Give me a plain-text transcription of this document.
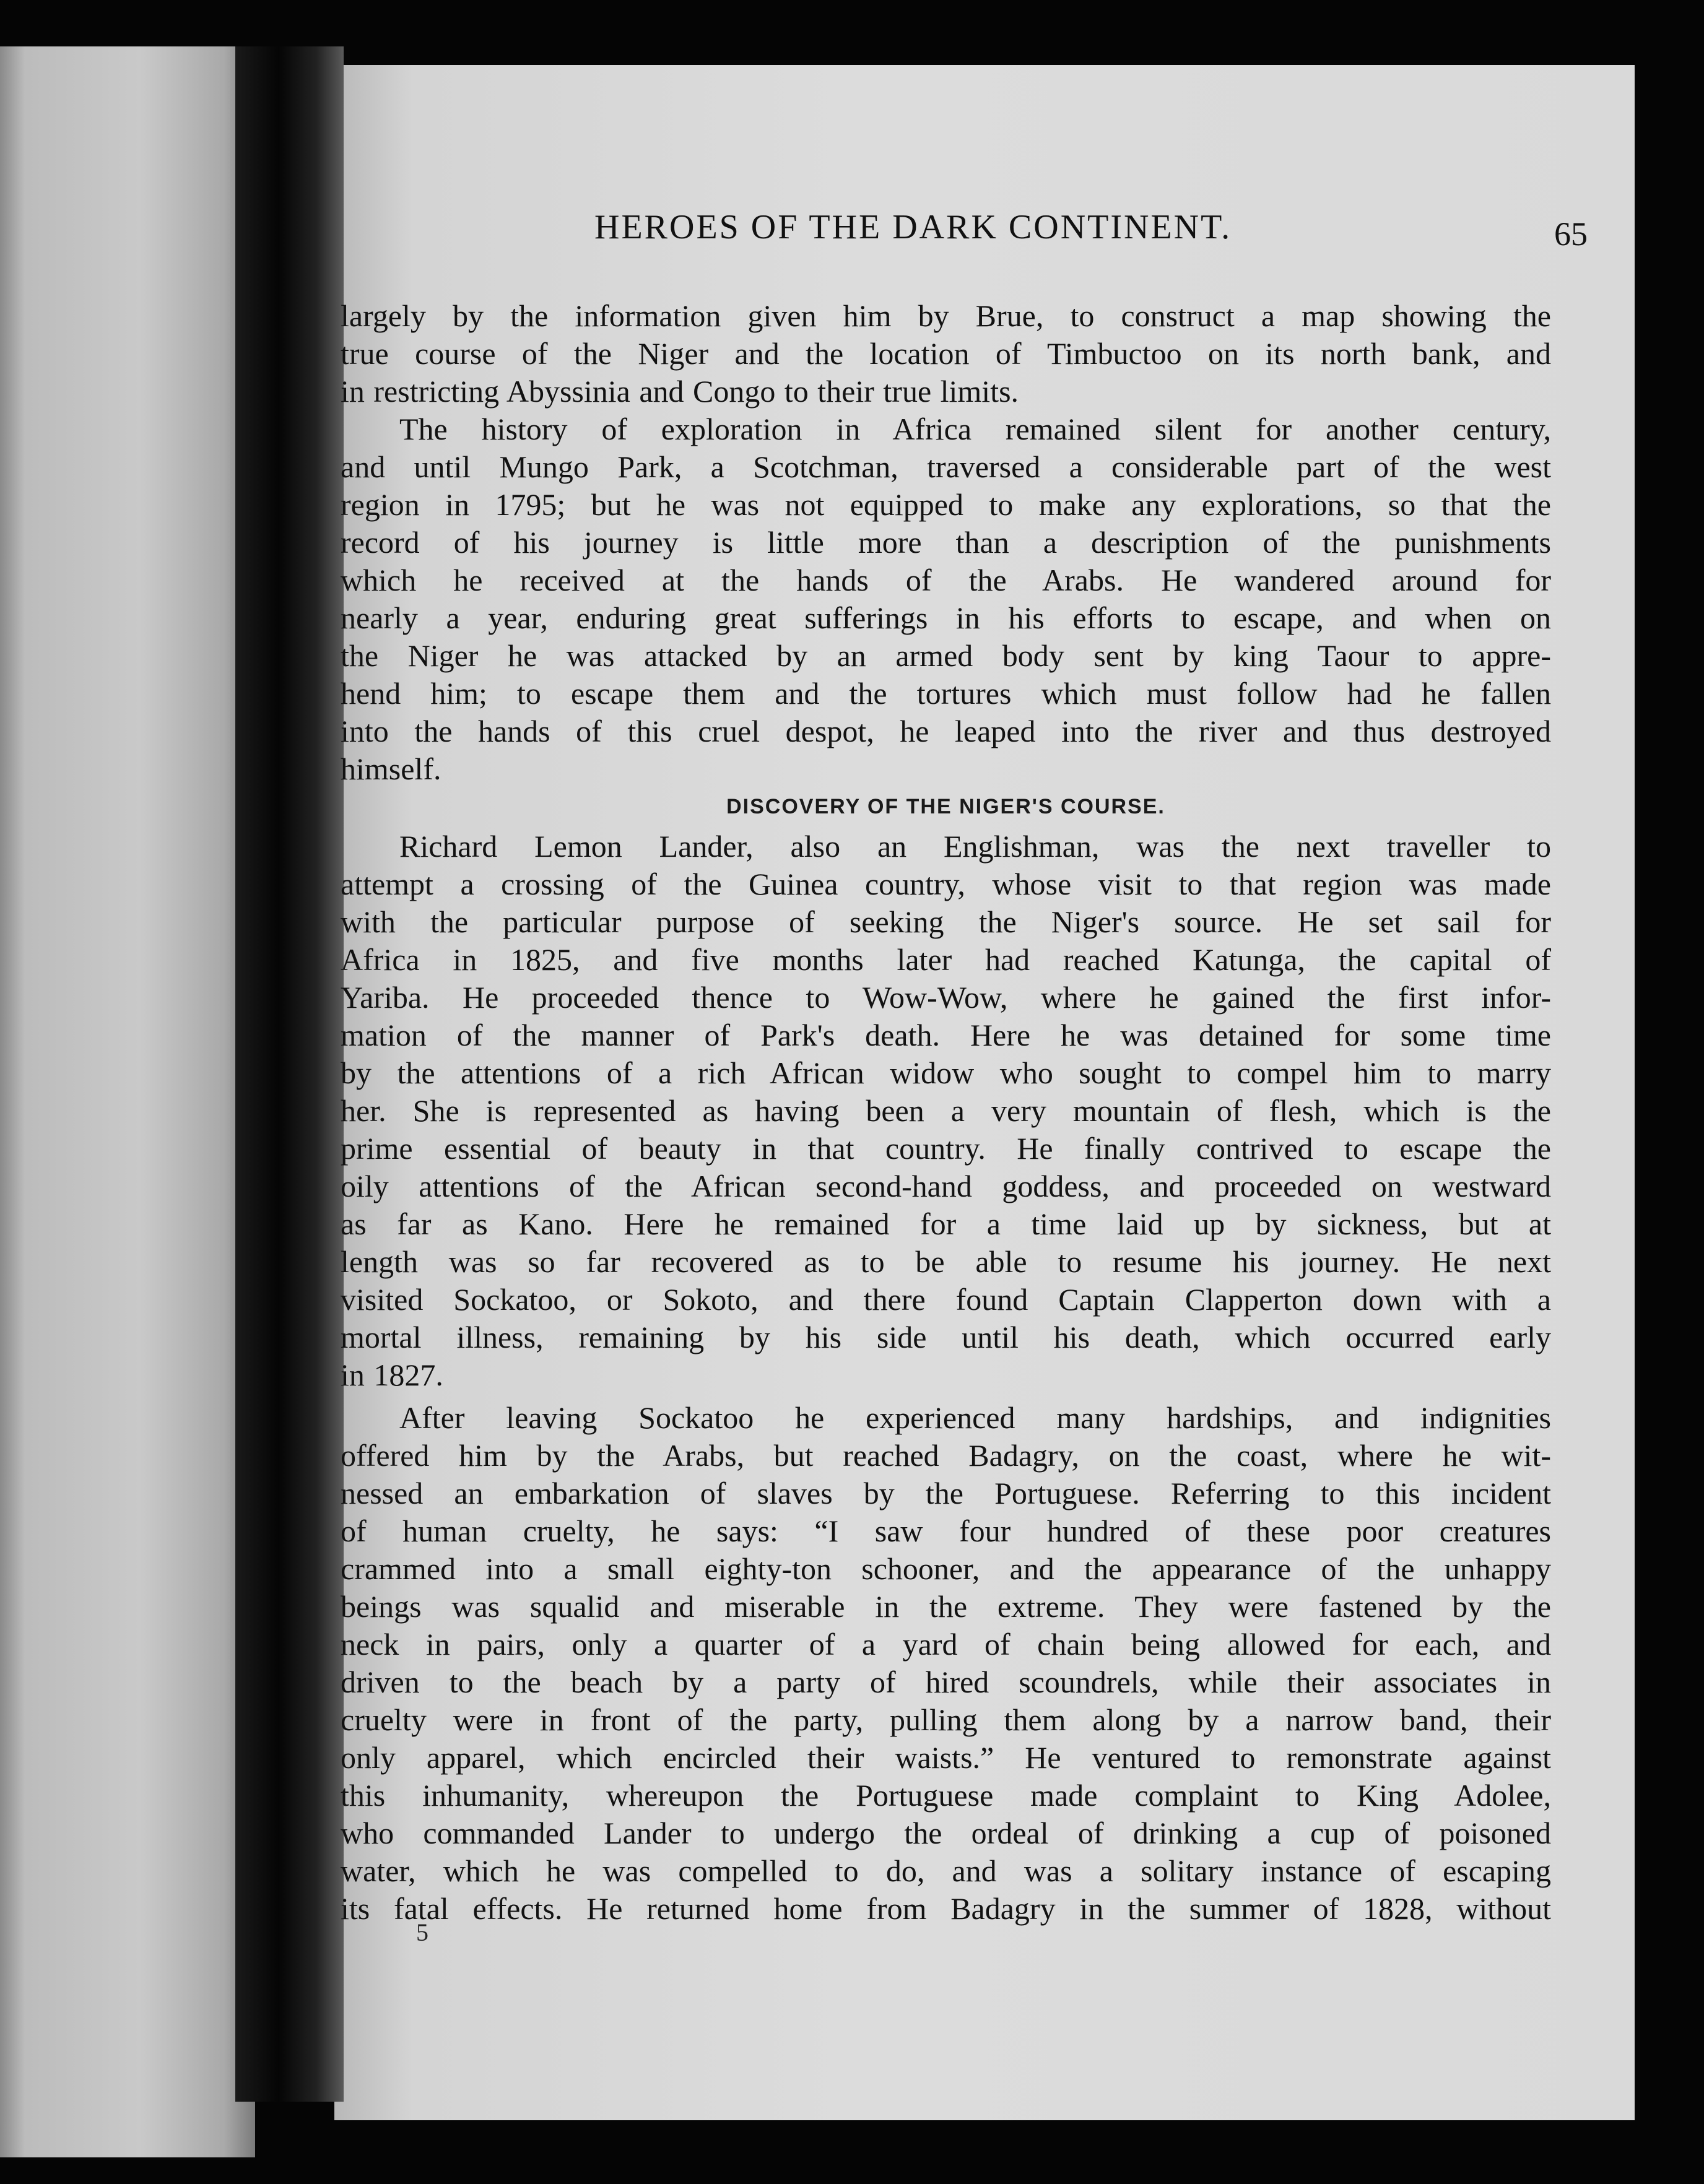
HEROES OF THE DARK CONTINENT.	65
largely by the information given him by Brue, to construct a map showing the
true course of the Niger and the location of Timbuctoo on its north bank, and
in restricting Abyssinia and Congo to their true limits.
The history of exploration in Africa remained silent for another century,
and until Mungo Park, a Scotchman, traversed a considerable part of the west
region in 1795; but he was not equipped to make any explorations, so that the
record of his journey is little more than a description of the punishments
which he received at the hands of the Arabs. He wandered around for
nearly a year, enduring great sufferings in his efforts to escape, and when on
the Niger he was attacked by an armed body sent by king Taour to appre-
hend him; to escape them and the tortures which must follow had he fallen
into the hands of this cruel despot, he leaped into the river and thus destroyed
himself.
DISCOVERY OF THE NIGER'S COURSE.
Richard Lemon Lander, also an Englishman, was the next traveller to
attempt a crossing of the Guinea country, whose visit to that region was made
with the particular purpose of seeking the Niger's source. He set sail for
Africa in 1825, and five months later had reached Katunga, the capital of
Yariba. He proceeded thence to Wow-Wow, where he gained the first infor-
mation of the manner of Park's death. Here he was detained for some time
by the attentions of a rich African widow who sought to compel him to marry
her. She is represented as having been a very mountain of flesh, which is the
prime essential of beauty in that country. He finally contrived to escape the
oily attentions of the African second-hand goddess, and proceeded on westward
as far as Kano. Here he remained for a time laid up by sickness, but at
length was so far recovered as to be able to resume his journey. He next
visited Sockatoo, or Sokoto, and there found Captain Clapperton down with a
mortal illness, remaining by his side until his death, which occurred early
in 1827.
After leaving Sockatoo he experienced many hardships, and indignities
offered him by the Arabs, but reached Badagry, on the coast, where he wit-
nessed an embarkation of slaves by the Portuguese. Referring to this incident
of human cruelty, he says: “I saw four hundred of these poor creatures
crammed into a small eighty-ton schooner, and the appearance of the unhappy
beings was squalid and miserable in the extreme. They were fastened by the
neck in pairs, only a quarter of a yard of chain being allowed for each, and
driven to the beach by a party of hired scoundrels, while their associates in
cruelty were in front of the party, pulling them along by a narrow band, their
only apparel, which encircled their waists.” He ventured to remonstrate against
this inhumanity, whereupon the Portuguese made complaint to King Adolee,
who commanded Lander to undergo the ordeal of drinking a cup of poisoned
water, which he was compelled to do, and was a solitary instance of escaping
its fatal effects. He returned home from Badagry in the summer of 1828, without
5
